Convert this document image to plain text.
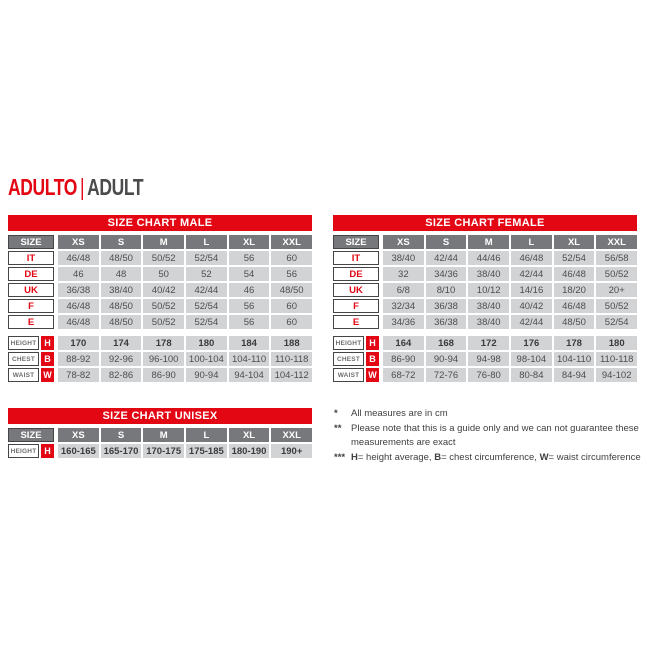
ADULTO | ADULT
SIZE CHART MALE
SIZE	XS	S	M	L	XL	XXL
IT	46/48	48/50	50/52	52/54	56	60
DE	46	48	50	52	54	56
UK	36/38	38/40	40/42	42/44	46	48/50
F	46/48	48/50	50/52	52/54	56	60
E	46/48	48/50	50/52	52/54	56	60
HEIGHT H	170	174	178	180	184	188
CHEST	B	88-92	92-96	96-100	100-104 104-110 110-118
WAIST W	78-82	82-86	86-90	90-94	94-104	104-112
SIZE CHART FEMALE
SIZE	XS	S	M	L	XL	XXL
IT	38/40	42/44	44/46	46/48	52/54	56/58
DE	32	34/36	38/40	42/44	46/48	50/52
UK	6/8	8/10	10/12	14/16	18/20	20+
F	32/34	36/38	38/40	40/42	46/48	50/52
E	34/36	36/38	38/40	42/44	48/50	52/54
HEIGHT H	164	168	172	176	178	180
CHEST	B	86-90	90-94	94-98	98-104	104-110 110-118
WAIST W	68-72	72-76	76-80	80-84	84-94	94-102
SIZE CHART UNISEX
SIZE	XS	S	M	L	XL	XXL
HEIGHT H	160-165 165-170 170-175 175-185 180-190	190+
*	All measures are in cm
**	Please note that this is a guide only and we can not guarantee these measurements are exact
*** H= height average, B= chest circumference, W= waist circumference
